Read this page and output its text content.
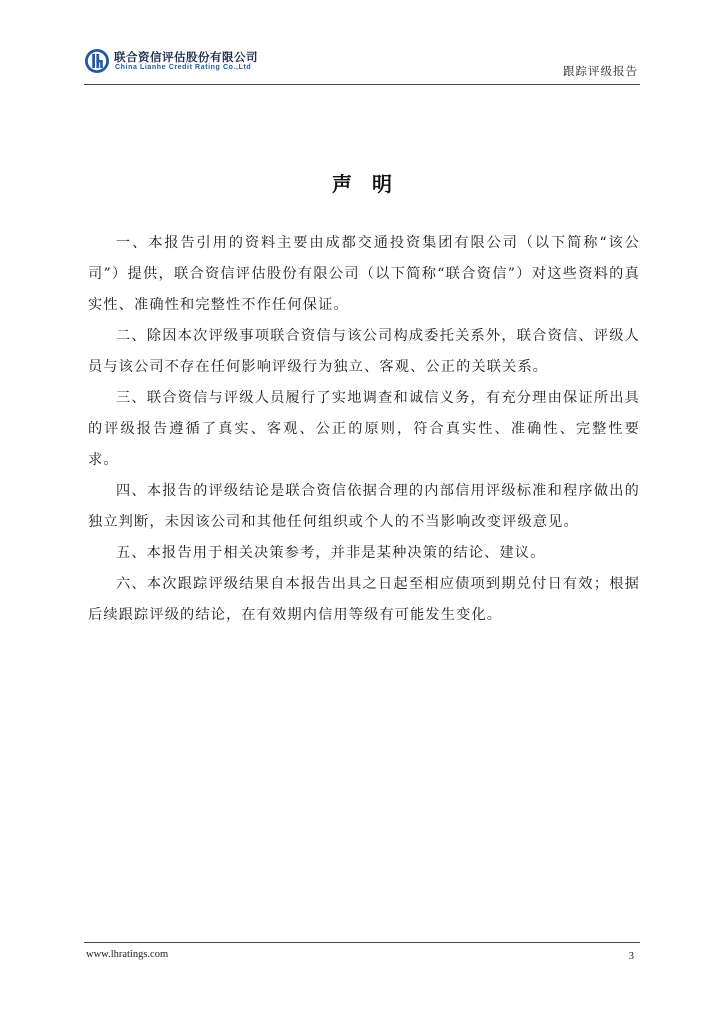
联合资信评估股份有限公司
China Lianhe Credit Rating Co.,Ltd	跟踪评级报告
声明

一、本报告引用的资料主要由成都交通投资集团有限公司（以下简称“该公司”）提供，联合资信评估股份有限公司（以下简称“联合资信”）对这些资料的真实性、准确性和完整性不作任何保证。

二、除因本次评级事项联合资信与该公司构成委托关系外，联合资信、评级人员与该公司不存在任何影响评级行为独立、客观、公正的关联关系。

三、联合资信与评级人员履行了实地调查和诚信义务，有充分理由保证所出具的评级报告遵循了真实、客观、公正的原则，符合真实性、准确性、完整性要求。

四、本报告的评级结论是联合资信依据合理的内部信用评级标准和程序做出的独立判断，未因该公司和其他任何组织或个人的不当影响改变评级意见。

五、本报告用于相关决策参考，并非是某种决策的结论、建议。

六、本次跟踪评级结果自本报告出具之日起至相应债项到期兑付日有效；根据后续跟踪评级的结论，在有效期内信用等级有可能发生变化。

www.lhratings.com	3
